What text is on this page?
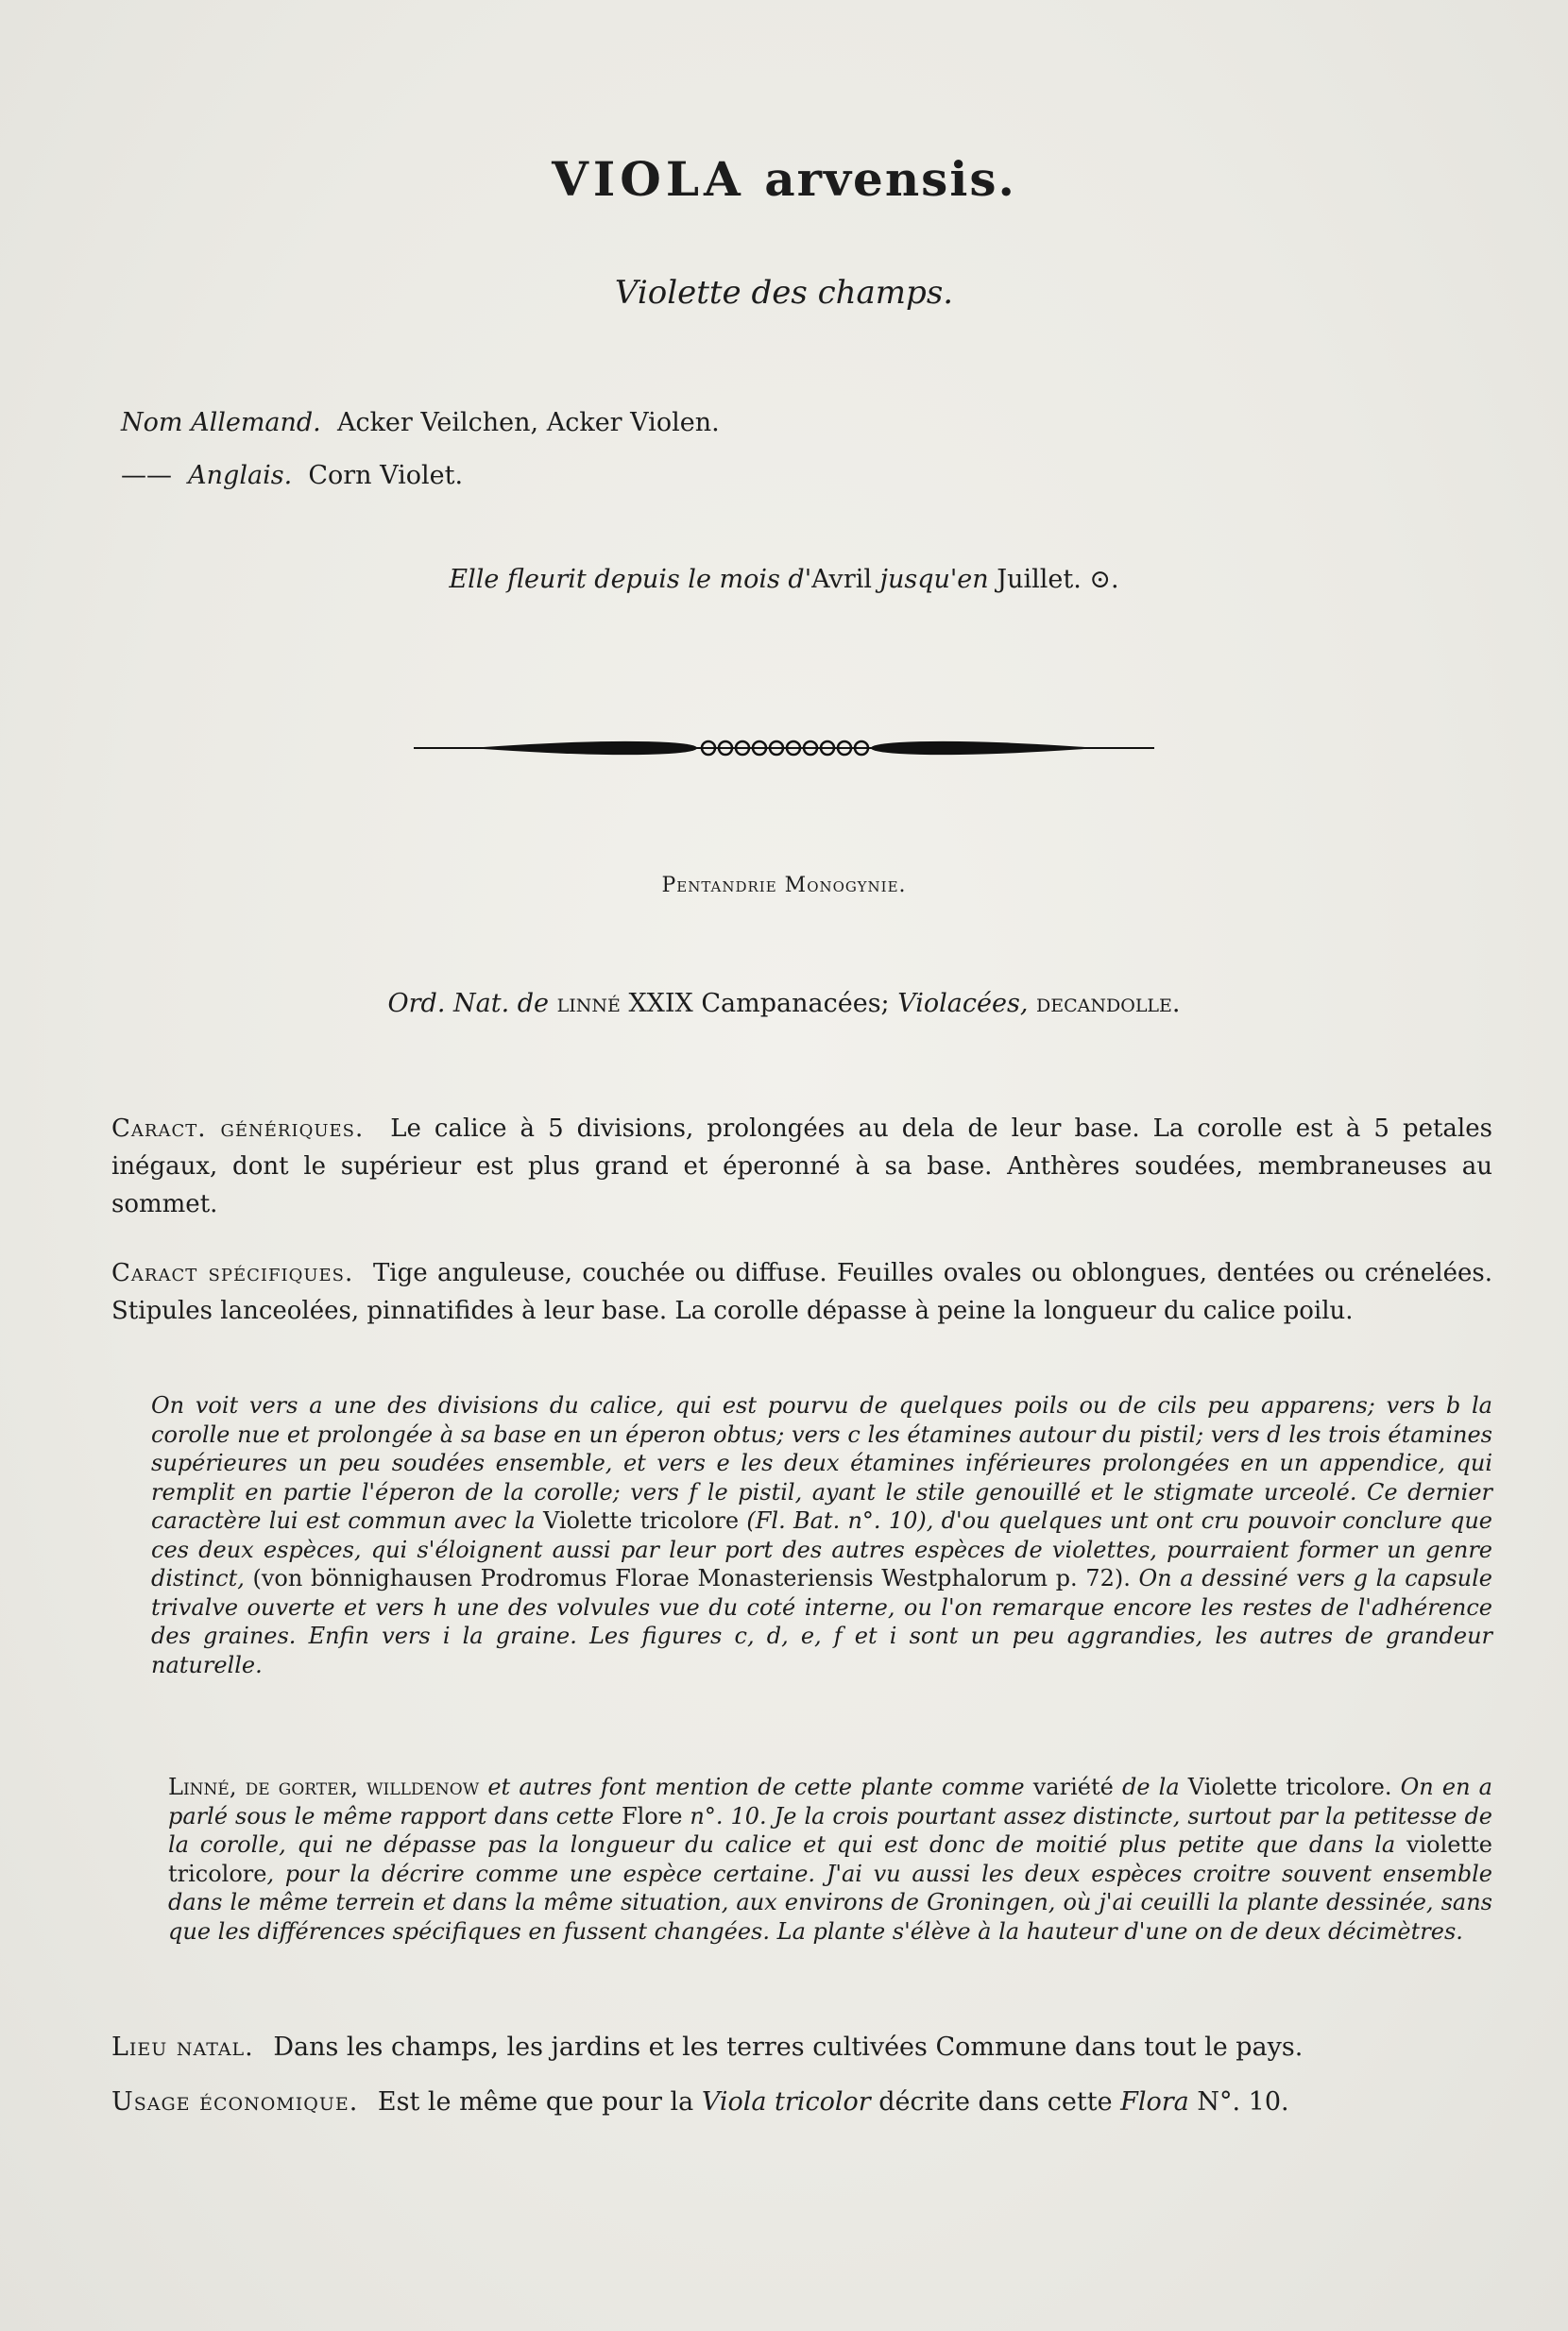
VIOLA arvensis.
Violette des champs.
Nom Allemand. Acker Veilchen, Acker Violen.
—— Anglais. Corn Violet.
Elle fleurit depuis le mois d'Avril jusqu'en Juillet. ⊙.
Pentandrie Monogynie.
Ord. Nat. de linné XXIX Campanacées; Violacées, decandolle.
Caract. génériques. Le calice à 5 divisions, prolongées au dela de leur base. La corolle est à 5 petales inégaux, dont le supérieur est plus grand et éperonné à sa base. Anthères soudées, membraneuses au sommet.
Caract spécifiques. Tige anguleuse, couchée ou diffuse. Feuilles ovales ou oblongues, dentées ou crénelées. Stipules lanceolées, pinnatifides à leur base. La corolle dépasse à peine la longueur du calice poilu.
On voit vers a une des divisions du calice, qui est pourvu de quelques poils ou de cils peu apparens; vers b la corolle nue et prolongée à sa base en un éperon obtus; vers c les étamines autour du pistil; vers d les trois étamines supérieures un peu soudées ensemble, et vers e les deux étamines inférieures prolongées en un appendice, qui remplit en partie l'éperon de la corolle; vers f le pistil, ayant le stile genouillé et le stigmate urceolé. Ce dernier caractère lui est commun avec la Violette tricolore (Fl. Bat. n°. 10), d'ou quelques unt ont cru pouvoir conclure que ces deux espèces, qui s'éloignent aussi par leur port des autres espèces de violettes, pourraient former un genre distinct, (von bönnighausen Prodromus Florae Monasteriensis Westphalorum p. 72). On a dessiné vers g la capsule trivalve ouverte et vers h une des volvules vue du coté interne, ou l'on remarque encore les restes de l'adhérence des graines. Enfin vers i la graine. Les figures c, d, e, f et i sont un peu aggrandies, les autres de grandeur naturelle.
Linné, de gorter, willdenow et autres font mention de cette plante comme variété de la Violette tricolore. On en a parlé sous le même rapport dans cette Flore n°. 10. Je la crois pourtant assez distincte, surtout par la petitesse de la corolle, qui ne dépasse pas la longueur du calice et qui est donc de moitié plus petite que dans la violette tricolore, pour la décrire comme une espèce certaine. J'ai vu aussi les deux espèces croitre souvent ensemble dans le même terrein et dans la même situation, aux environs de Groningen, où j'ai ceuilli la plante dessinée, sans que les différences spécifiques en fussent changées. La plante s'élève à la hauteur d'une on de deux décimètres.
Lieu natal. Dans les champs, les jardins et les terres cultivées Commune dans tout le pays.
Usage économique. Est le même que pour la Viola tricolor décrite dans cette Flora N°. 10.
